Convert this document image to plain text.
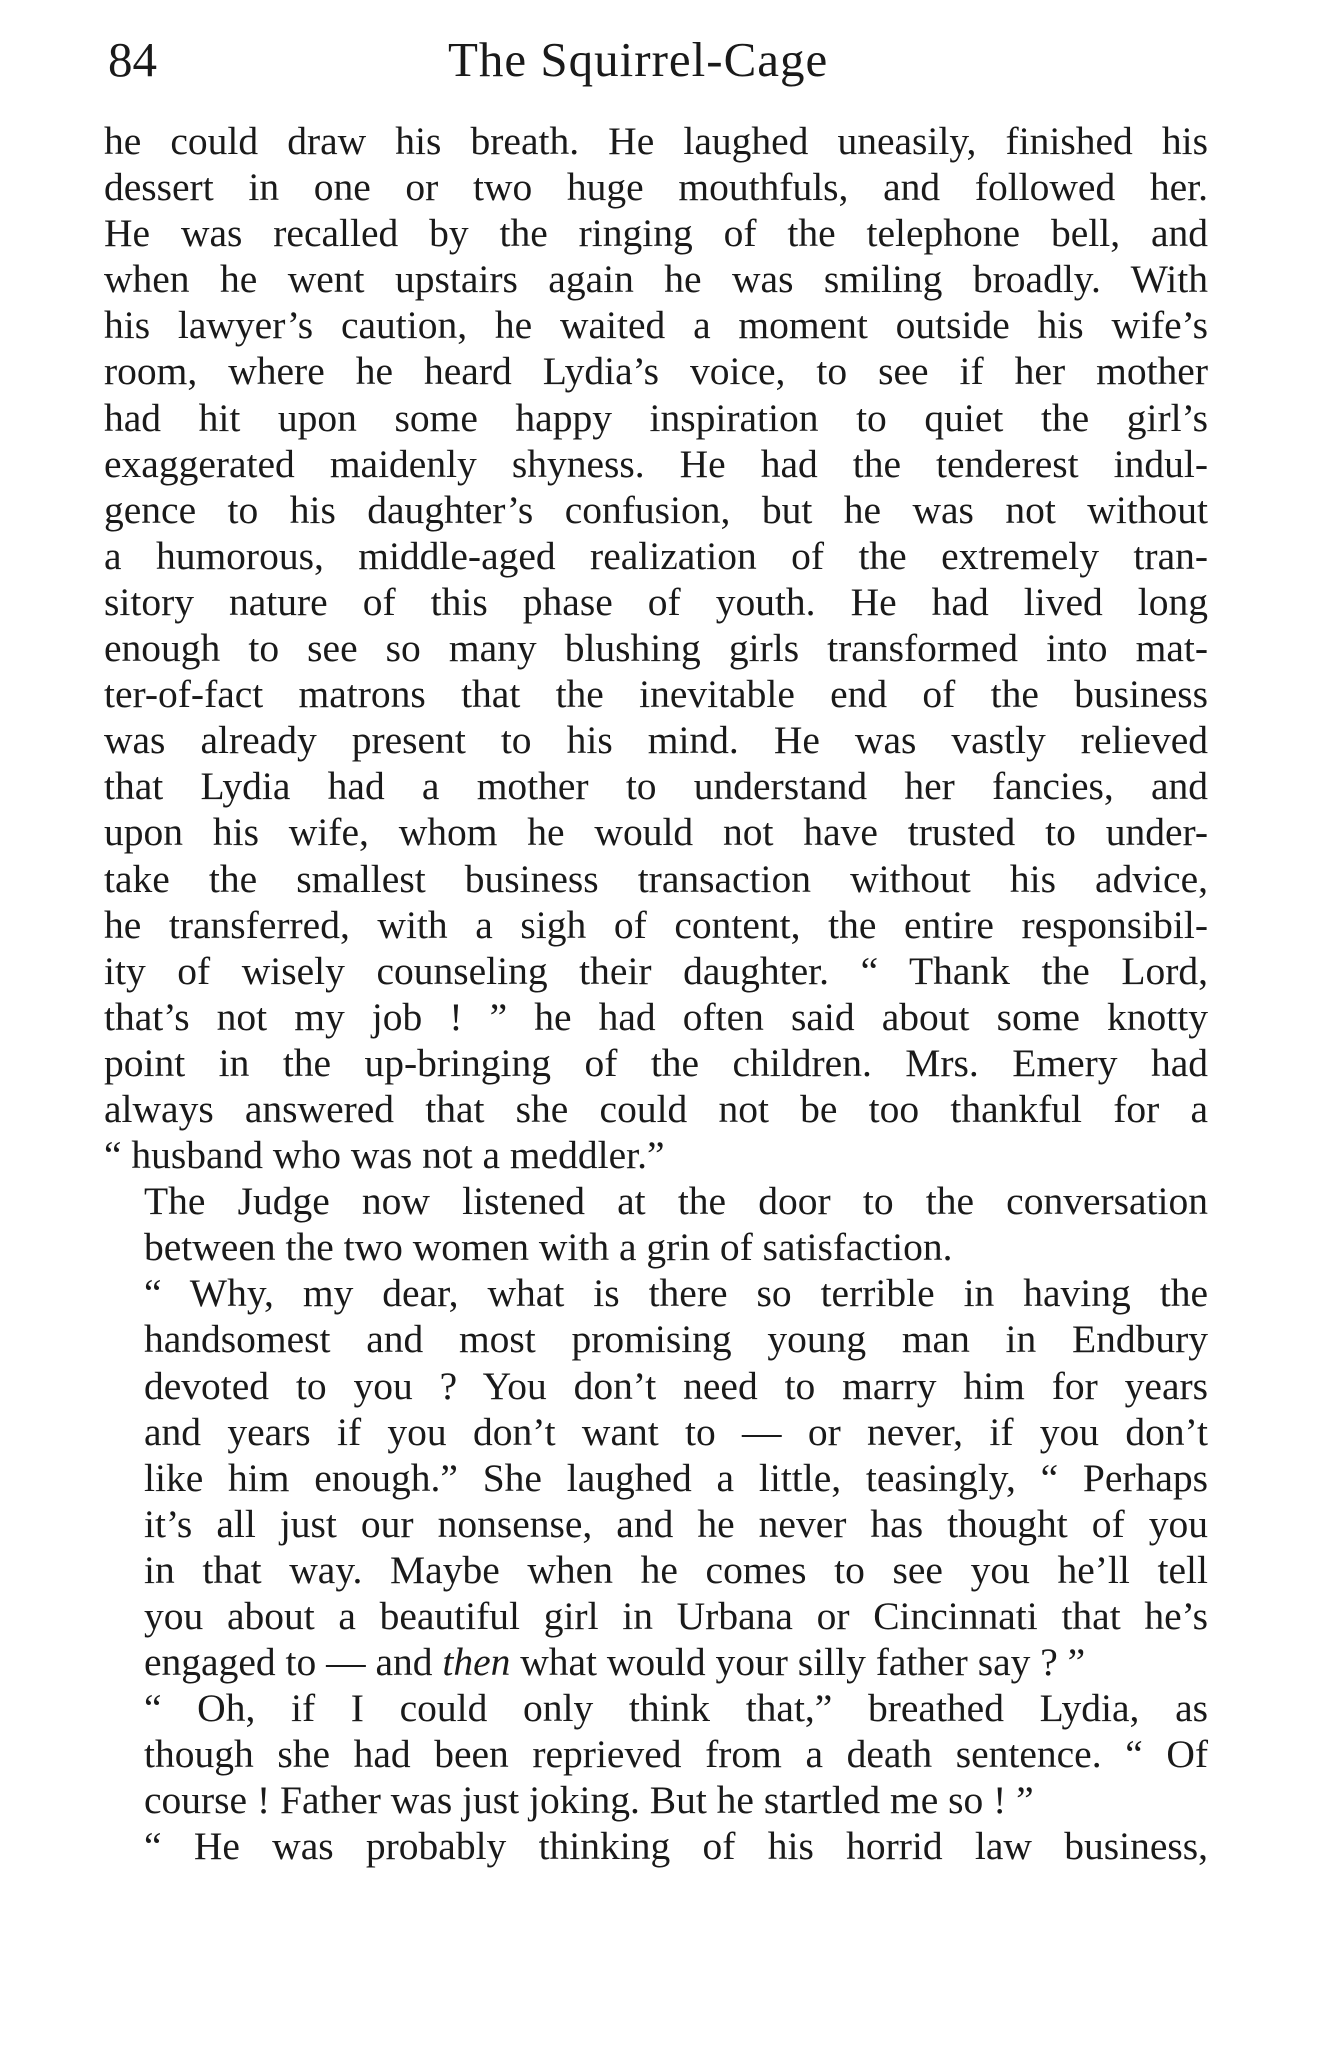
84	The Squirrel-Cage

he could draw his breath. He laughed uneasily, finished his
dessert in one or two huge mouthfuls, and followed her.
He was recalled by the ringing of the telephone bell, and
when he went upstairs again he was smiling broadly. With
his lawyer’s caution, he waited a moment outside his wife’s
room, where he heard Lydia’s voice, to see if her mother
had hit upon some happy inspiration to quiet the girl’s
exaggerated maidenly shyness. He had the tenderest indul-
gence to his daughter’s confusion, but he was not without
a humorous, middle-aged realization of the extremely tran-
sitory nature of this phase of youth. He had lived long
enough to see so many blushing girls transformed into mat-
ter-of-fact matrons that the inevitable end of the business
was already present to his mind. He was vastly relieved
that Lydia had a mother to understand her fancies, and
upon his wife, whom he would not have trusted to under-
take the smallest business transaction without his advice,
he transferred, with a sigh of content, the entire responsibil-
ity of wisely counseling their daughter. “ Thank the Lord,
that’s not my job ! ” he had often said about some knotty
point in the up-bringing of the children. Mrs. Emery had
always answered that she could not be too thankful for a
“ husband who was not a meddler.”

The Judge now listened at the door to the conversation
between the two women with a grin of satisfaction.

“ Why, my dear, what is there so terrible in having the
handsomest and most promising young man in Endbury
devoted to you ? You don’t need to marry him for years
and years if you don’t want to — or never, if you don’t
like him enough.” She laughed a little, teasingly, “ Perhaps
it’s all just our nonsense, and he never has thought of you
in that way. Maybe when he comes to see you he’ll tell
you about a beautiful girl in Urbana or Cincinnati that he’s
engaged to — and then what would your silly father say ? ”

“ Oh, if I could only think that,” breathed Lydia, as
though she had been reprieved from a death sentence. “ Of
course ! Father was just joking. But he startled me so ! ”

“ He was probably thinking of his horrid law business,
